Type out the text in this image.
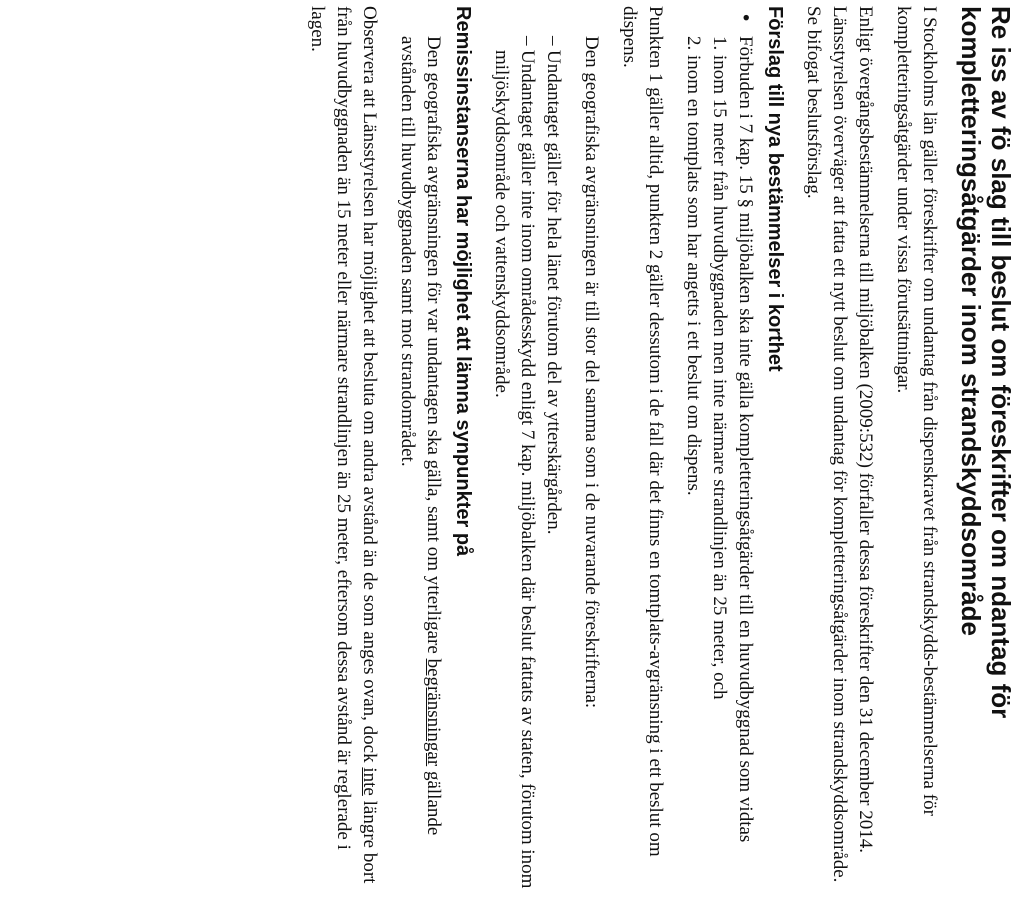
Re iss av fö slag till beslut om föreskrifter om ndantag för kompletteringsåtgärder inom strandskyddsområde

I Stockholms län gäller föreskrifter om undantag från dispenskravet från strandskydds-bestämmelserna för kompletteringsåtgärder under vissa förutsättningar.

Enligt övergångsbestämmelserna till miljöbalken (2009:532) förfaller dessa föreskrifter den 31 december 2014. Länsstyrelsen överväger att fatta ett nytt beslut om undantag för kompletteringsåtgärder inom strandskyddsområde. Se bifogat beslutsförslag.

Förslag till nya bestämmelser i korthet
•
Förbuden i 7 kap. 15 § miljöbalken ska inte gälla kompletteringsåtgärder till en huvudbyggnad som vidtas
1. inom 15 meter från huvudbyggnaden men inte närmare strandlinjen än 25 meter, och
2. inom en tomtplats som har angetts i ett beslut om dispens.

Punkten 1 gäller alltid, punkten 2 gäller dessutom i de fall där det finns en tomtplats-avgränsning i ett beslut om dispens.

Den geografiska avgränsningen är till stor del samma som i de nuvarande föreskrifterna:

–
Undantaget gäller för hela länet förutom del av ytterskärgården.
–
Undantaget gäller inte inom områdesskydd enligt 7 kap. miljöbalken där beslut fattats av staten, förutom inom miljöskyddsområde och vattenskyddsområde.
Remissinstanserna har möjlighet att lämna synpunkter på

Den geografiska avgränsningen för var undantagen ska gälla, samt om ytterligare begränsningar gällande avstånden till huvudbyggnaden samt mot strandområdet.

Observera att Länsstyrelsen har möjlighet att besluta om andra avstånd än de som anges ovan, dock inte längre bort från huvudbyggnaden än 15 meter eller närmare strandlinjen än 25 meter, eftersom dessa avstånd är reglerade i lagen.
